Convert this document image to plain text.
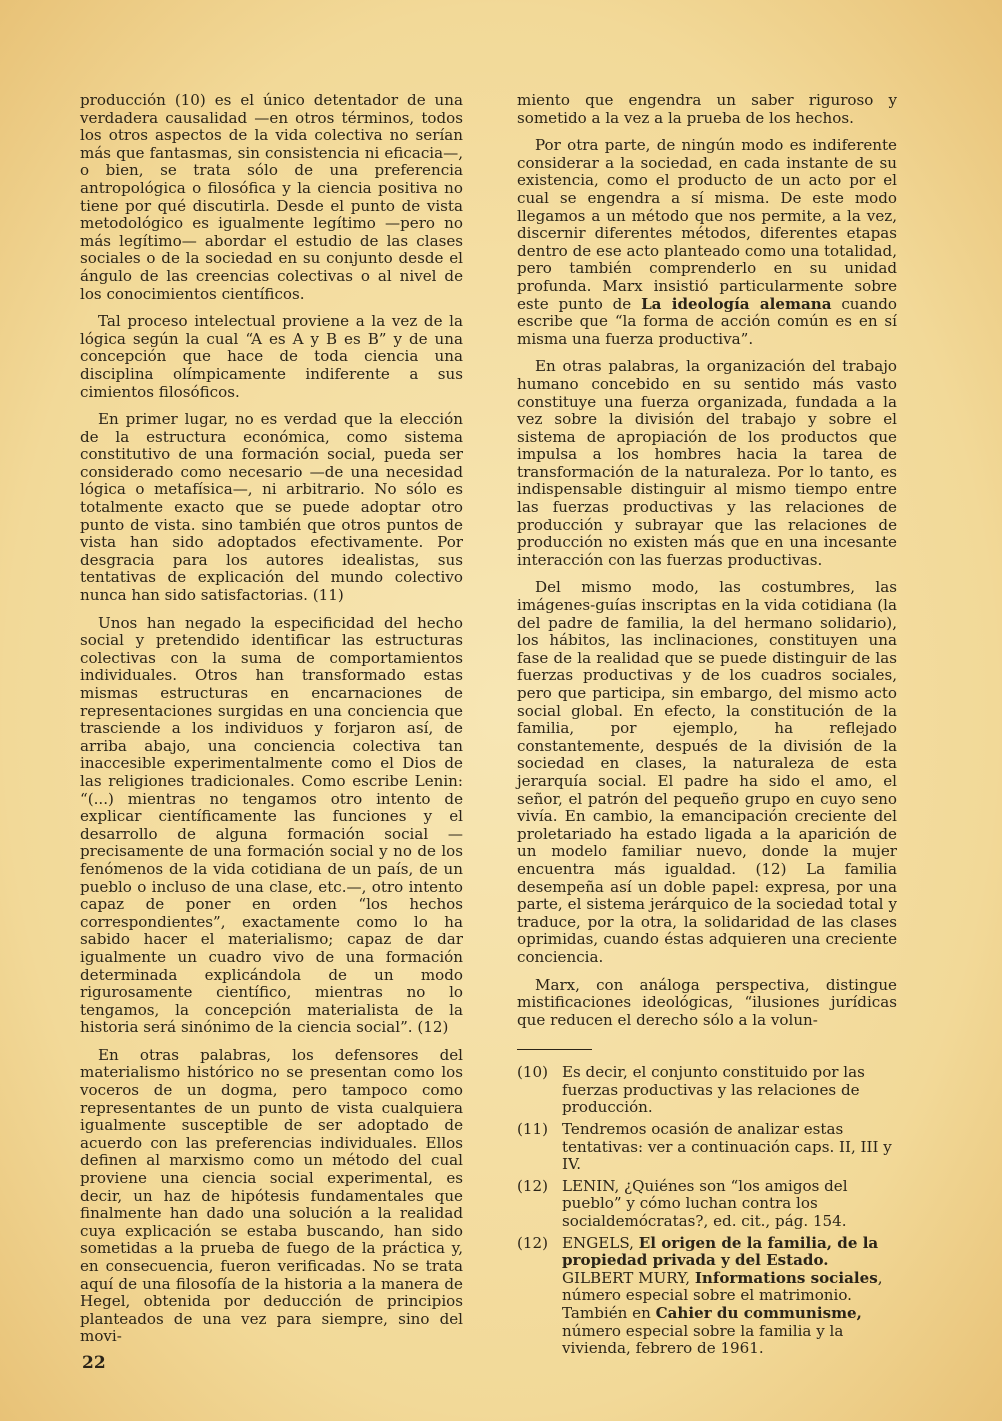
producción (10) es el único detentador de una verdadera causalidad —en otros términos, todos los otros aspectos de la vida colectiva no serían más que fantasmas, sin consistencia ni eficacia—, o bien, se trata sólo de una preferencia antropológica o filosófica y la ciencia positiva no tiene por qué discutirla. Desde el punto de vista metodológico es igualmente legítimo —pero no más legítimo— abordar el estudio de las clases sociales o de la sociedad en su conjunto desde el ángulo de las creencias colectivas o al nivel de los conocimientos científicos.

Tal proceso intelectual proviene a la vez de la lógica según la cual “A es A y B es B” y de una concepción que hace de toda ciencia una disciplina olímpicamente indiferente a sus cimientos filosóficos.

En primer lugar, no es verdad que la elección de la estructura económica, como sistema constitutivo de una formación social, pueda ser considerado como necesario —de una necesidad lógica o metafísica—, ni arbitrario. No sólo es totalmente exacto que se puede adoptar otro punto de vista. sino también que otros puntos de vista han sido adoptados efectivamente. Por desgracia para los autores idealistas, sus tentativas de explicación del mundo colectivo nunca han sido satisfactorias. (11)

Unos han negado la especificidad del hecho social y pretendido identificar las estructuras colectivas con la suma de comportamientos individuales. Otros han transformado estas mismas estructuras en encarnaciones de representaciones surgidas en una conciencia que trasciende a los individuos y forjaron así, de arriba abajo, una conciencia colectiva tan inaccesible experimentalmente como el Dios de las religiones tradicionales. Como escribe Lenin: “(...) mientras no tengamos otro intento de explicar científicamente las funciones y el desarrollo de alguna formación social —precisamente de una formación social y no de los fenómenos de la vida cotidiana de un país, de un pueblo o incluso de una clase, etc.—, otro intento capaz de poner en orden “los hechos correspondientes”, exactamente como lo ha sabido hacer el materialismo; capaz de dar igualmente un cuadro vivo de una formación determinada explicándola de un modo rigurosamente científico, mientras no lo tengamos, la concepción materialista de la historia será sinónimo de la ciencia social”. (12)

En otras palabras, los defensores del materialismo histórico no se presentan como los voceros de un dogma, pero tampoco como representantes de un punto de vista cualquiera igualmente susceptible de ser adoptado de acuerdo con las preferencias individuales. Ellos definen al marxismo como un método del cual proviene una ciencia social experimental, es decir, un haz de hipótesis fundamentales que finalmente han dado una solución a la realidad cuya explicación se estaba buscando, han sido sometidas a la prueba de fuego de la práctica y, en consecuencia, fueron verificadas. No se trata aquí de una filosofía de la historia a la manera de Hegel, obtenida por deducción de principios planteados de una vez para siempre, sino del movi-

miento que engendra un saber riguroso y sometido a la vez a la prueba de los hechos.

Por otra parte, de ningún modo es indiferente considerar a la sociedad, en cada instante de su existencia, como el producto de un acto por el cual se engendra a sí misma. De este modo llegamos a un método que nos permite, a la vez, discernir diferentes métodos, diferentes etapas dentro de ese acto planteado como una totalidad, pero también comprenderlo en su unidad profunda. Marx insistió particularmente sobre este punto de La ideología alemana cuando escribe que “la forma de acción común es en sí misma una fuerza productiva”.

En otras palabras, la organización del trabajo humano concebido en su sentido más vasto constituye una fuerza organizada, fundada a la vez sobre la división del trabajo y sobre el sistema de apropiación de los productos que impulsa a los hombres hacia la tarea de transformación de la naturaleza. Por lo tanto, es indispensable distinguir al mismo tiempo entre las fuerzas productivas y las relaciones de producción y subrayar que las relaciones de producción no existen más que en una incesante interacción con las fuerzas productivas.

Del mismo modo, las costumbres, las imágenes-guías inscriptas en la vida cotidiana (la del padre de familia, la del hermano solidario), los hábitos, las inclinaciones, constituyen una fase de la realidad que se puede distinguir de las fuerzas productivas y de los cuadros sociales, pero que participa, sin embargo, del mismo acto social global. En efecto, la constitución de la familia, por ejemplo, ha reflejado constantemente, después de la división de la sociedad en clases, la naturaleza de esta jerarquía social. El padre ha sido el amo, el señor, el patrón del pequeño grupo en cuyo seno vivía. En cambio, la emancipación creciente del proletariado ha estado ligada a la aparición de un modelo familiar nuevo, donde la mujer encuentra más igualdad. (12) La familia desempeña así un doble papel: expresa, por una parte, el sistema jerárquico de la sociedad total y traduce, por la otra, la solidaridad de las clases oprimidas, cuando éstas adquieren una creciente conciencia.

Marx, con análoga perspectiva, distingue mistificaciones ideológicas, “ilusiones jurídicas que reducen el derecho sólo a la volun-

(10) Es decir, el conjunto constituido por las fuerzas productivas y las relaciones de producción.
(11) Tendremos ocasión de analizar estas tentativas: ver a continuación caps. II, III y IV.
(12) LENIN, ¿Quiénes son “los amigos del pueblo” y cómo luchan contra los socialdemócratas?, ed. cit., pág. 154.
(12) ENGELS, El origen de la familia, de la propiedad privada y del Estado. GILBERT MURY, Informations sociales, número especial sobre el matrimonio. También en Cahier du communisme, número especial sobre la familia y la vivienda, febrero de 1961.
22
